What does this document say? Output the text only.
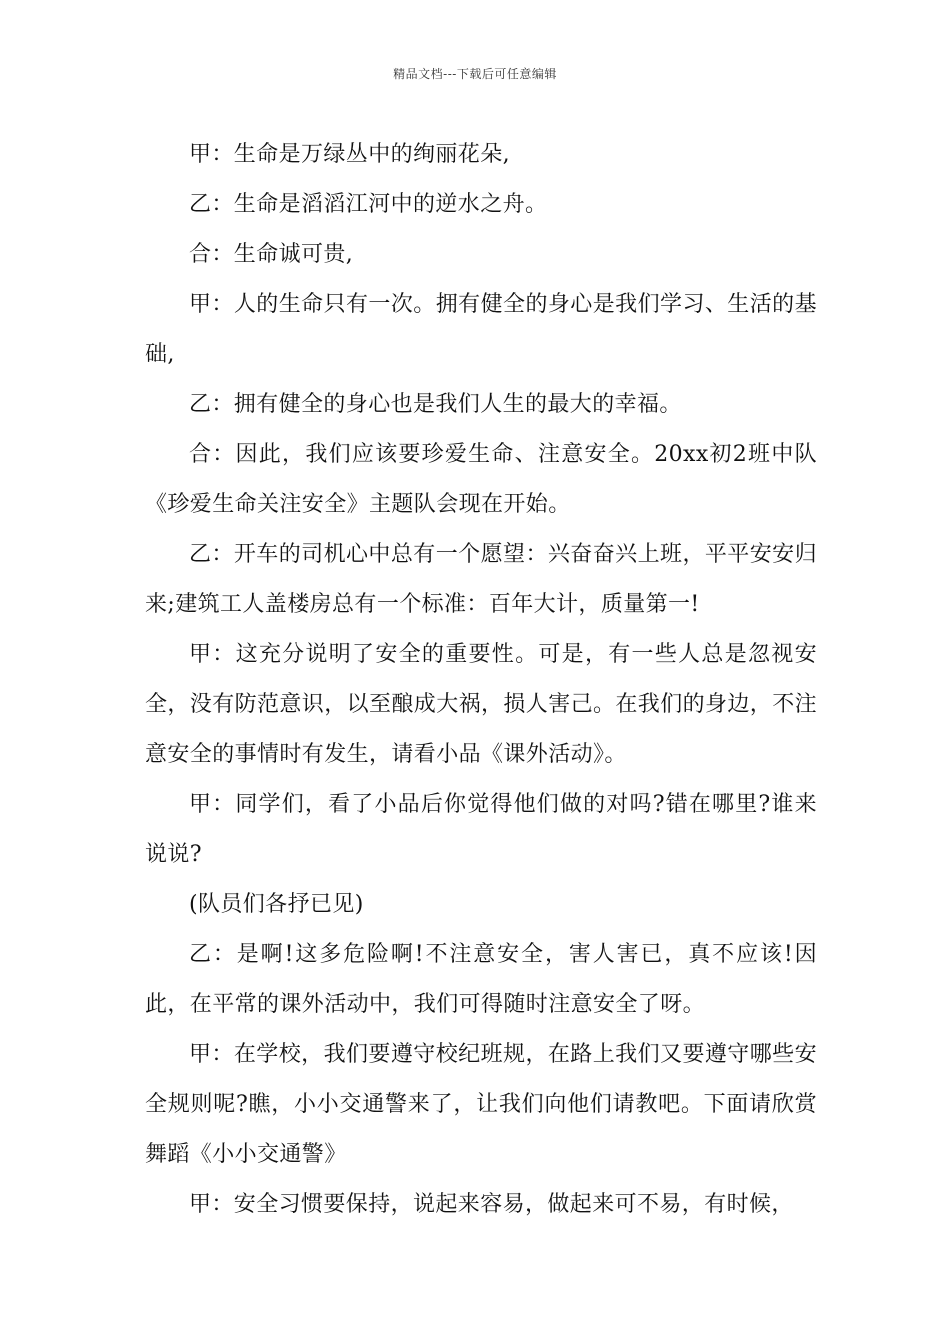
精品文档---下载后可任意编辑

甲：生命是万绿丛中的绚丽花朵,

乙：生命是滔滔江河中的逆水之舟。

合：生命诚可贵,

甲：人的生命只有一次。拥有健全的身心是我们学习、生活的基础,

乙：拥有健全的身心也是我们人生的最大的幸福。

合：因此，我们应该要珍爱生命、注意安全。20xx初2班中队《珍爱生命关注安全》主题队会现在开始。

乙：开车的司机心中总有一个愿望：兴奋奋兴上班，平平安安归来;建筑工人盖楼房总有一个标准：百年大计，质量第一!

甲：这充分说明了安全的重要性。可是，有一些人总是忽视安全，没有防范意识，以至酿成大祸，损人害己。在我们的身边，不注意安全的事情时有发生，请看小品《课外活动》。

甲：同学们，看了小品后你觉得他们做的对吗?错在哪里?谁来说说?

(队员们各抒已见)

乙：是啊!这多危险啊!不注意安全，害人害已，真不应该!因此，在平常的课外活动中，我们可得随时注意安全了呀。

甲：在学校，我们要遵守校纪班规，在路上我们又要遵守哪些安全规则呢?瞧，小小交通警来了，让我们向他们请教吧。下面请欣赏舞蹈《小小交通警》

甲：安全习惯要保持，说起来容易，做起来可不易，有时候，
